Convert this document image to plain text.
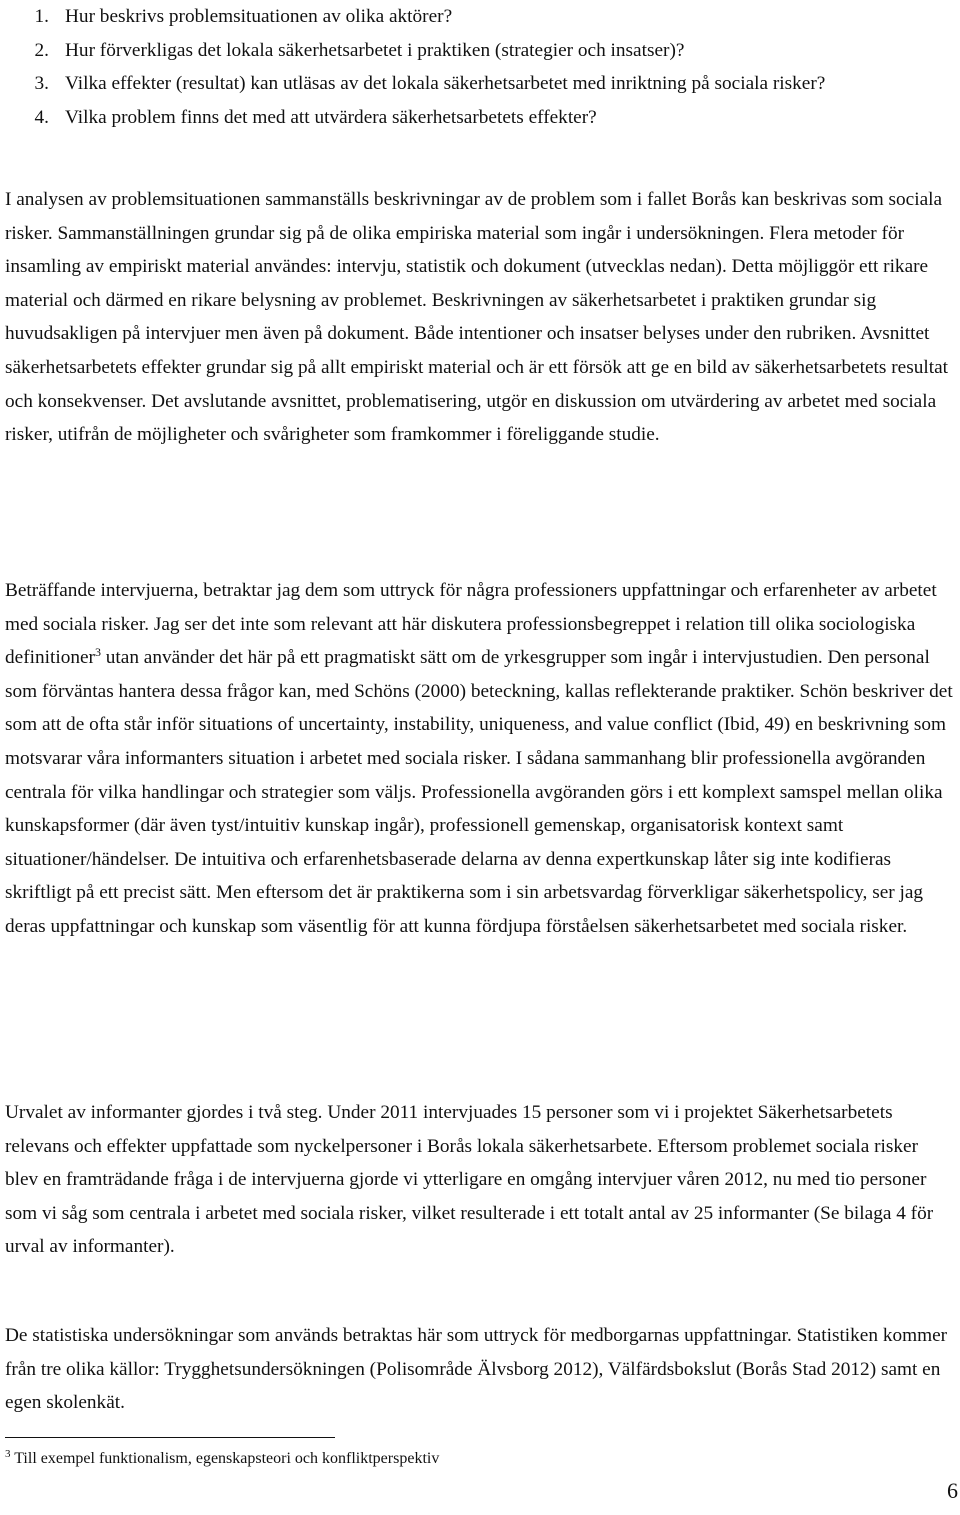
1. Hur beskrivs problemsituationen av olika aktörer?
2. Hur förverkligas det lokala säkerhetsarbetet i praktiken (strategier och insatser)?
3. Vilka effekter (resultat) kan utläsas av det lokala säkerhetsarbetet med inriktning på sociala risker?
4. Vilka problem finns det med att utvärdera säkerhetsarbetets effekter?

I analysen av problemsituationen sammanställs beskrivningar av de problem som i fallet Borås kan beskrivas som sociala risker. Sammanställningen grundar sig på de olika empiriska material som ingår i undersökningen. Flera metoder för insamling av empiriskt material användes: intervju, statistik och dokument (utvecklas nedan). Detta möjliggör ett rikare material och därmed en rikare belysning av problemet. Beskrivningen av säkerhetsarbetet i praktiken grundar sig huvudsakligen på intervjuer men även på dokument. Både intentioner och insatser belyses under den rubriken. Avsnittet säkerhetsarbetets effekter grundar sig på allt empiriskt material och är ett försök att ge en bild av säkerhetsarbetets resultat och konsekvenser. Det avslutande avsnittet, problematisering, utgör en diskussion om utvärdering av arbetet med sociala risker, utifrån de möjligheter och svårigheter som framkommer i föreliggande studie.

Beträffande intervjuerna, betraktar jag dem som uttryck för några professioners uppfattningar och erfarenheter av arbetet med sociala risker. Jag ser det inte som relevant att här diskutera professionsbegreppet i relation till olika sociologiska definitioner$^3$ utan använder det här på ett pragmatiskt sätt om de yrkesgrupper som ingår i intervjustudien. Den personal som förväntas hantera dessa frågor kan, med Schöns (2000) beteckning, kallas reflekterande praktiker. Schön beskriver det som att de ofta står inför situations of uncertainty, instability, uniqueness, and value conflict (Ibid, 49) en beskrivning som motsvarar våra informanters situation i arbetet med sociala risker. I sådana sammanhang blir professionella avgöranden centrala för vilka handlingar och strategier som väljs. Professionella avgöranden görs i ett komplext samspel mellan olika kunskapsformer (där även tyst/intuitiv kunskap ingår), professionell gemenskap, organisatorisk kontext samt situationer/händelser. De intuitiva och erfarenhetsbaserade delarna av denna expertkunskap låter sig inte kodifieras skriftligt på ett precist sätt. Men eftersom det är praktikerna som i sin arbetsvardag förverkligar säkerhetspolicy, ser jag deras uppfattningar och kunskap som väsentlig för att kunna fördjupa förståelsen säkerhetsarbetet med sociala risker.

Urvalet av informanter gjordes i två steg. Under 2011 intervjuades 15 personer som vi i projektet Säkerhetsarbetets relevans och effekter uppfattade som nyckelpersoner i Borås lokala säkerhetsarbete. Eftersom problemet sociala risker blev en framträdande fråga i de intervjuerna gjorde vi ytterligare en omgång intervjuer våren 2012, nu med tio personer som vi såg som centrala i arbetet med sociala risker, vilket resulterade i ett totalt antal av 25 informanter (Se bilaga 4 för urval av informanter).

De statistiska undersökningar som används betraktas här som uttryck för medborgarnas uppfattningar. Statistiken kommer från tre olika källor: Trygghetsundersökningen (Polisområde Älvsborg 2012), Välfärdsbokslut (Borås Stad 2012) samt en egen skolenkät.

$^3$ Till exempel funktionalism, egenskapsteori och konfliktperspektiv
6
